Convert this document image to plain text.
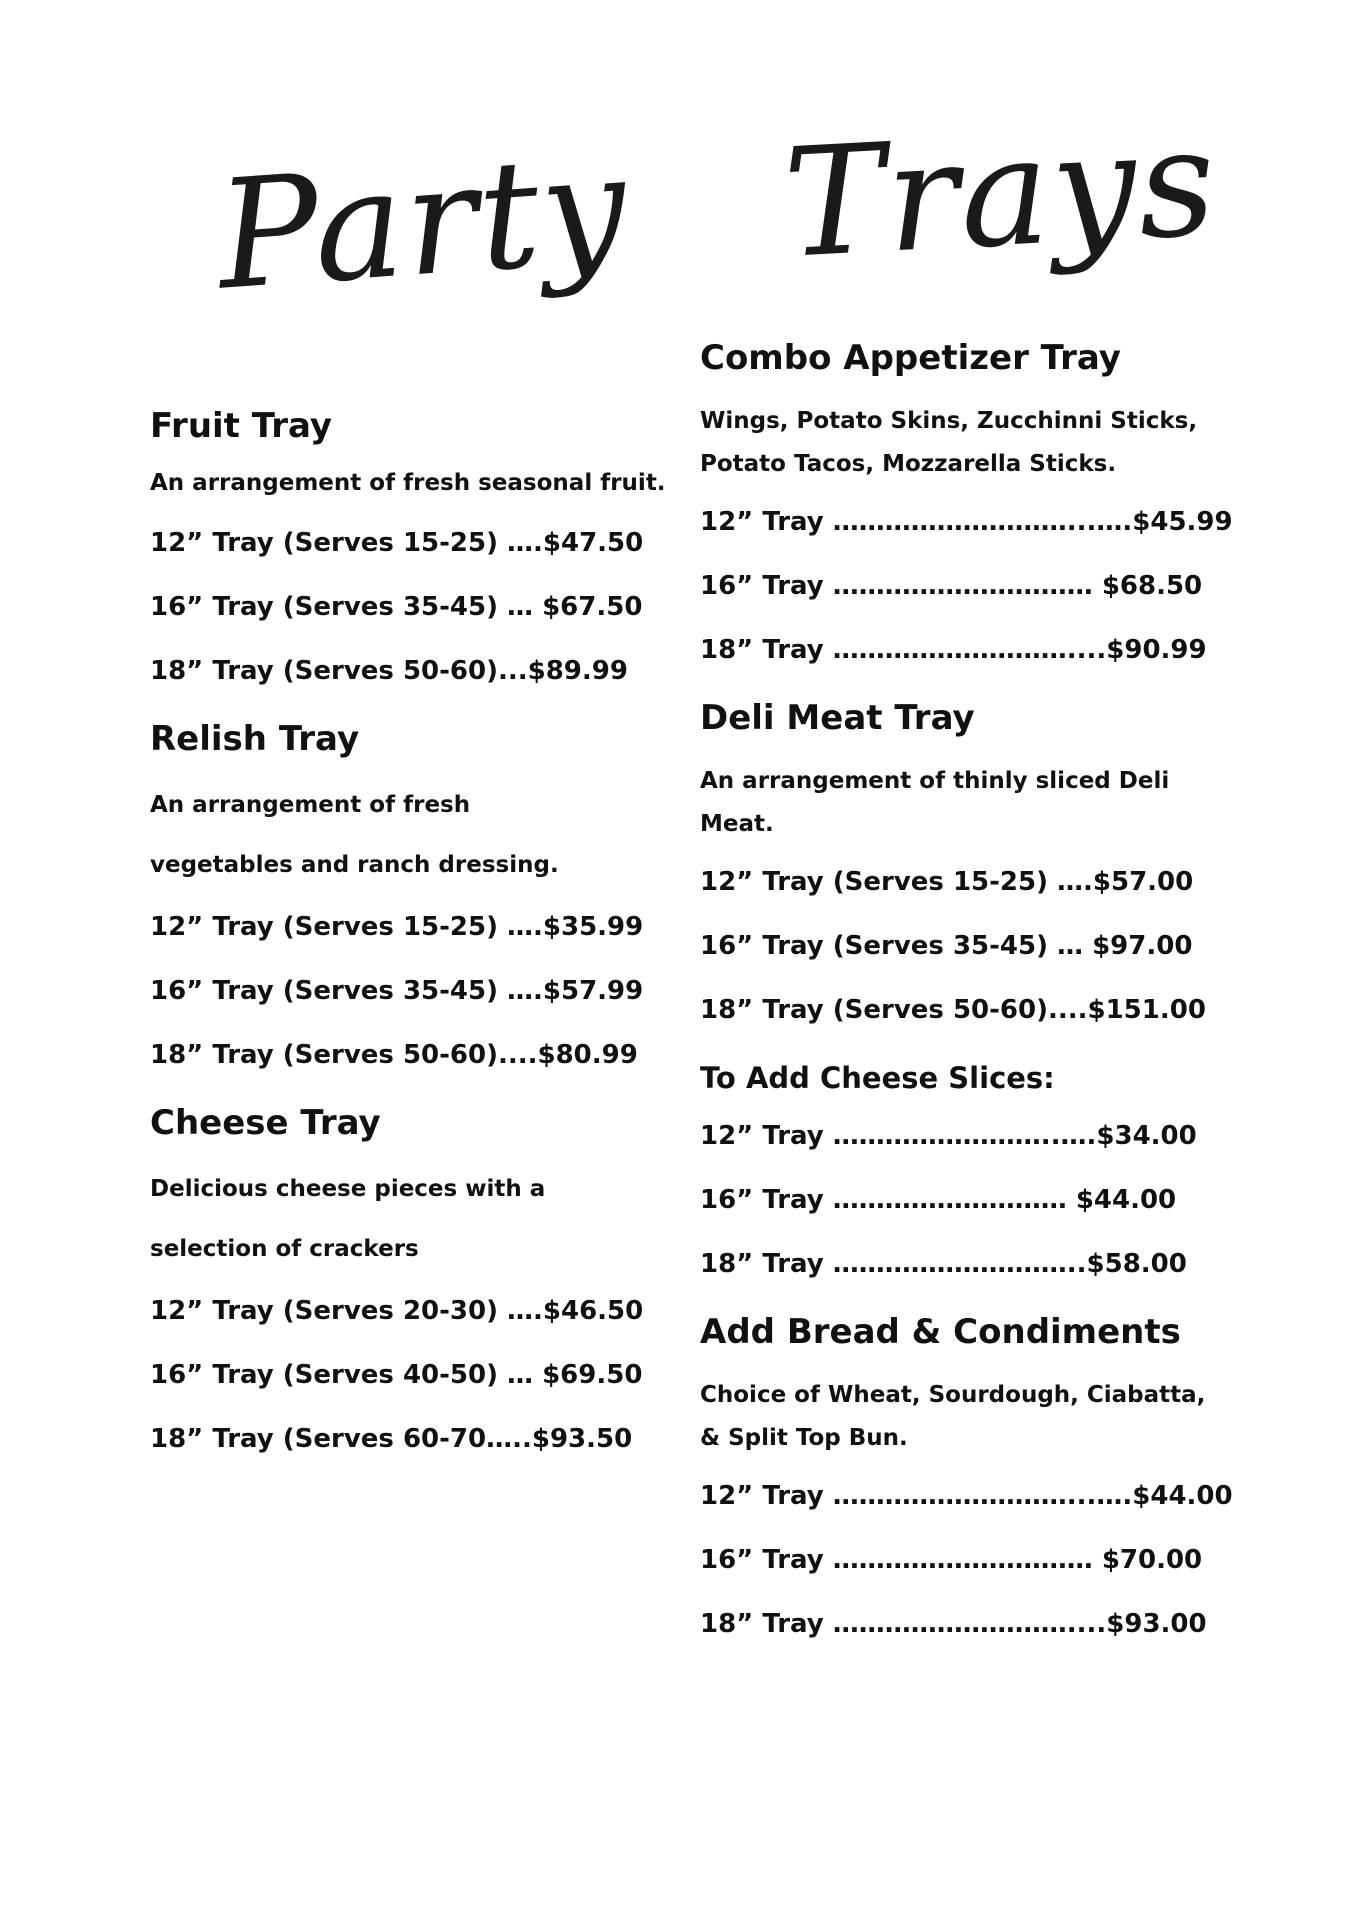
Party Trays
Fruit Tray

An arrangement of fresh seasonal fruit.

12” Tray (Serves 15-25) ….$47.50

16” Tray (Serves 35-45) … $67.50

18” Tray (Serves 50-60)...$89.99

Relish Tray

An arrangement of fresh

vegetables and ranch dressing.

12” Tray (Serves 15-25) ….$35.99

16” Tray (Serves 35-45) ….$57.99

18” Tray (Serves 50-60)....$80.99

Cheese Tray

Delicious cheese pieces with a

selection of crackers

12” Tray (Serves 20-30) ….$46.50

16” Tray (Serves 40-50) … $69.50

18” Tray (Serves 60-70…..$93.50

Combo Appetizer Tray

Wings, Potato Skins, Zucchinni Sticks,

Potato Tacos, Mozzarella Sticks.

12” Tray ………………………...….$45.99

16” Tray ………………………… $68.50

18” Tray ………………………....$90.99

Deli Meat Tray

An arrangement of thinly sliced Deli

Meat.

12” Tray (Serves 15-25) ….$57.00

16” Tray (Serves 35-45) … $97.00

18” Tray (Serves 50-60)....$151.00

To Add Cheese Slices:

12” Tray ……………………..….$34.00

16” Tray ……………………… $44.00

18” Tray ………………………..$58.00

Add Bread & Condiments

Choice of Wheat, Sourdough, Ciabatta,

& Split Top Bun.

12” Tray ………………………...….$44.00

16” Tray ………………………… $70.00

18” Tray ………………………....$93.00
